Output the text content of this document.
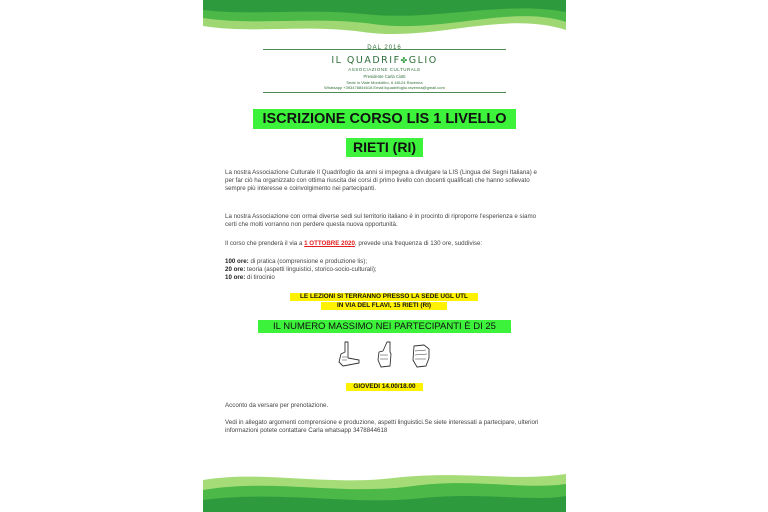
DAL 2016
IL QUADRIF✤GLIO
ASSOCIAZIONE CULTURALE
Presidente Carla Ciotti
Sede in Viale Mordolfiro, 6 48124 Ravenna
Whatsapp +393478844618 Email ilquadrifoglio.ravenna@gmail.com
ISCRIZIONE CORSO LIS 1 LIVELLO
RIETI (RI)

La nostra Associazione Culturale Il Quadrifoglio da anni si impegna a divulgare la LIS (Lingua dei Segni Italiana) e per far ciò ha organizzato con ottima riuscita dei corsi di primo livello con docenti qualificati che hanno sollevato sempre più interesse e coinvolgimento nei partecipanti.

La nostra Associazione con ormai diverse sedi sul territorio italiano è in procinto di riproporre l'esperienza e siamo certi che molti vorranno non perdere questa nuova opportunità.

Il corso che prenderà il via a 1 OTTOBRE 2020, prevede una frequenza di 130 ore, suddivise:

100 ore: di pratica (comprensione e produzione lis);
20 ore: teoria (aspetti linguistici, storico-socio-culturali);
10 ore: di tirocinio
LE LEZIONI SI TERRANNO PRESSO LA SEDE UGL UTL
IN VIA DEL FLAVI, 15 RIETI (RI)
IL NUMERO MASSIMO NEI PARTECIPANTI È DI 25
GIOVEDI 14.00/18.00

Acconto da versare per prenotazione.

Vedi in allegato argomenti comprensione e produzione, aspetti linguistici.Se siete interessati a partecipare, ulteriori informazioni potete contattare Carla whatsapp 3478844618
